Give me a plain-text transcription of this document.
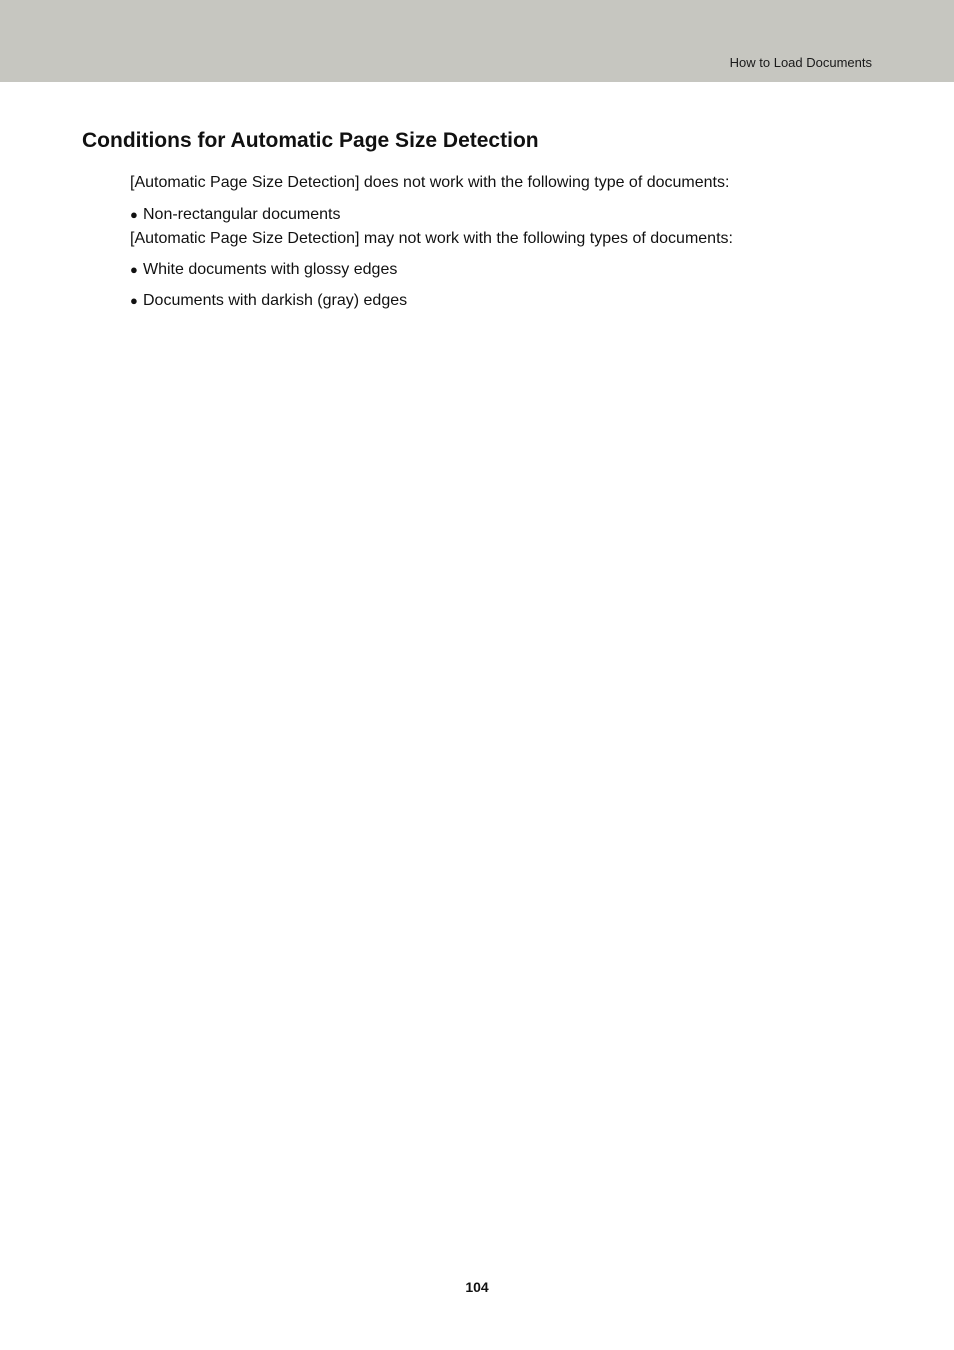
How to Load Documents
Conditions for Automatic Page Size Detection
[Automatic Page Size Detection] does not work with the following type of documents:
● Non-rectangular documents
[Automatic Page Size Detection] may not work with the following types of documents:
● White documents with glossy edges
● Documents with darkish (gray) edges
104
